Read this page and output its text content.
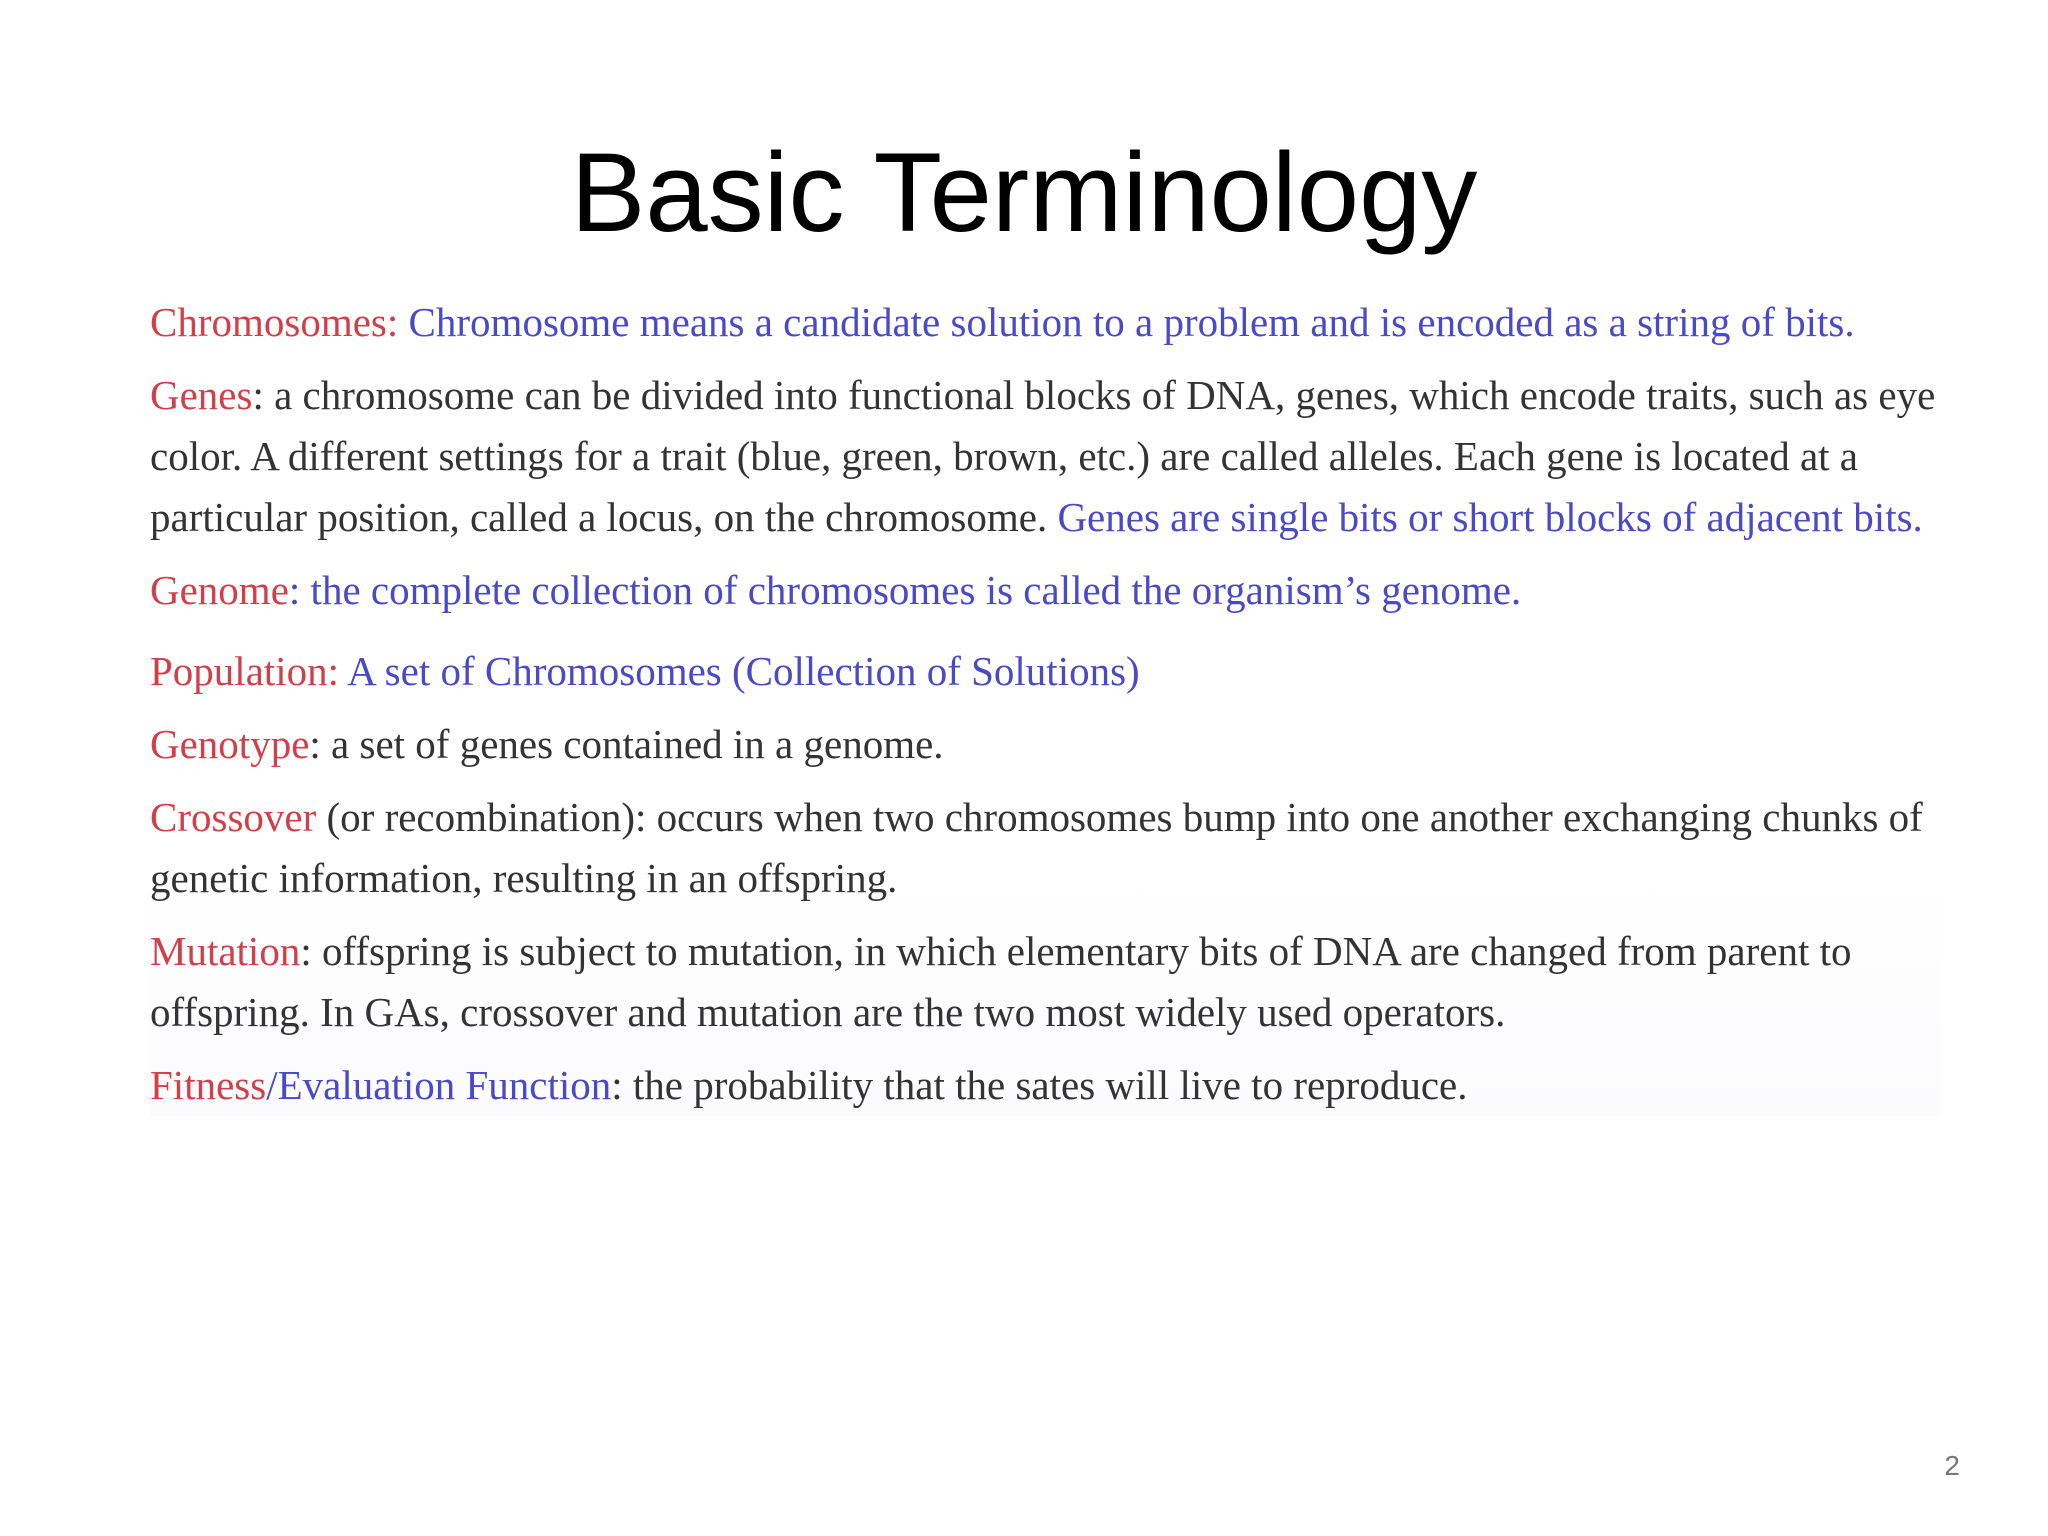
Basic Terminology

Chromosomes: Chromosome means a candidate solution to a problem and is encoded as a string of bits.

Genes: a chromosome can be divided into functional blocks of DNA, genes, which encode traits, such as eye color. A different settings for a trait (blue, green, brown, etc.) are called alleles. Each gene is located at a particular position, called a locus, on the chromosome. Genes are single bits or short blocks of adjacent bits.

Genome: the complete collection of chromosomes is called the organism’s genome.

Population: A set of Chromosomes (Collection of Solutions)

Genotype: a set of genes contained in a genome.

Crossover (or recombination): occurs when two chromosomes bump into one another exchanging chunks of genetic information, resulting in an offspring.

Mutation: offspring is subject to mutation, in which elementary bits of DNA are changed from parent to offspring. In GAs, crossover and mutation are the two most widely used operators.

Fitness/Evaluation Function: the probability that the sates will live to reproduce.

2
